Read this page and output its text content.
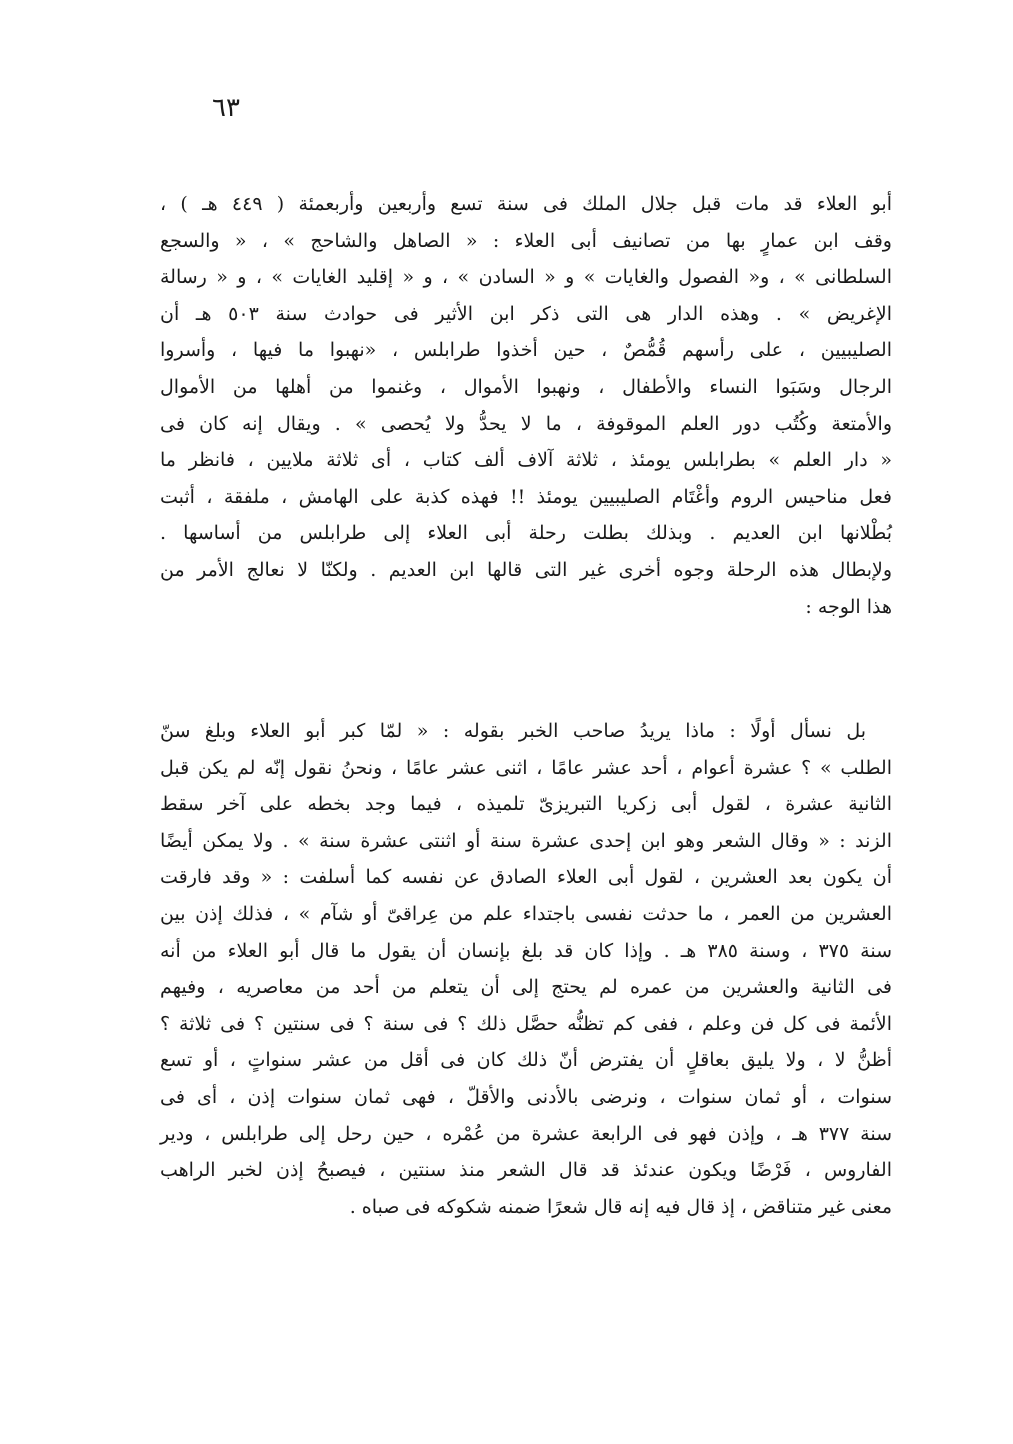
٦٣
أبو العلاء قد مات قبل جلال الملك فى سنة تسع وأربعين وأربعمئة ( ٤٤٩ هـ ) ،
وقف ابن عمارٍ بها من تصانيف أبى العلاء : « الصاهل والشاحج » ، « والسجع
السلطانى » ، و« الفصول والغايات » و « السادن » ، و « إقليد الغايات » ، و « رسالة
الإغريض » . وهذه الدار هى التى ذكر ابن الأثير فى حوادث سنة ٥٠٣ هـ أن
الصليبيين ، على رأسهم قُمُّصٌ ، حين أخذوا طرابلس ، «نهبوا ما فيها ، وأسروا
الرجال وسَبَوا النساء والأطفال ، ونهبوا الأموال ، وغنموا من أهلها من الأموال
والأمتعة وكُتُب دور العلم الموقوفة ، ما لا يحدُّ ولا يُحصى » . ويقال إنه كان فى
« دار العلم » بطرابلس يومئذ ، ثلاثة آلاف ألف كتاب ، أى ثلاثة ملايين ، فانظر ما
فعل مناحيس الروم وأغْتَام الصليبيين يومئذ !! فهذه كذبة على الهامش ، ملفقة ، أثبت
بُطْلانها ابن العديم . وبذلك بطلت رحلة أبى العلاء إلى طرابلس من أساسها .
ولإبطال هذه الرحلة وجوه أخرى غير التى قالها ابن العديم . ولكنّا لا نعالج الأمر من
هذا الوجه :
بل نسأل أولًا : ماذا يريدُ صاحب الخبر بقوله : « لمّا كبر أبو العلاء وبلغ سنّ
الطلب » ؟ عشرة أعوام ، أحد عشر عامًا ، اثنى عشر عامًا ، ونحنُ نقول إنّه لم يكن قبل
الثانية عشرة ، لقول أبى زكريا التبريزىّ تلميذه ، فيما وجد بخطه على آخر سقط
الزند : « وقال الشعر وهو ابن إحدى عشرة سنة أو اثنتى عشرة سنة » . ولا يمكن أيضًا
أن يكون بعد العشرين ، لقول أبى العلاء الصادق عن نفسه كما أسلفت : « وقد فارقت
العشرين من العمر ، ما حدثت نفسى باجتداء علم من عِراقىّ أو شآم » ، فذلك إذن بين
سنة ٣٧٥ ، وسنة ٣٨٥ هـ . وإذا كان قد بلغ بإنسان أن يقول ما قال أبو العلاء من أنه
فى الثانية والعشرين من عمره لم يحتج إلى أن يتعلم من أحد من معاصريه ، وفيهم
الأئمة فى كل فن وعلم ، ففى كم تظنُّه حصَّل ذلك ؟ فى سنة ؟ فى سنتين ؟ فى ثلاثة ؟
أظنُّ لا ، ولا يليق بعاقلٍ أن يفترض أنّ ذلك كان فى أقل من عشر سنواتٍ ، أو تسع
سنوات ، أو ثمان سنوات ، ونرضى بالأدنى والأقلّ ، فهى ثمان سنوات إذن ، أى فى
سنة ٣٧٧ هـ ، وإذن فهو فى الرابعة عشرة من عُمْره ، حين رحل إلى طرابلس ، ودير
الفاروس ، فَرْضًا ويكون عندئذ قد قال الشعر منذ سنتين ، فيصبحُ إذن لخبر الراهب
معنى غير متناقض ، إذ قال فيه إنه قال شعرًا ضمنه شكوكه فى صباه .
